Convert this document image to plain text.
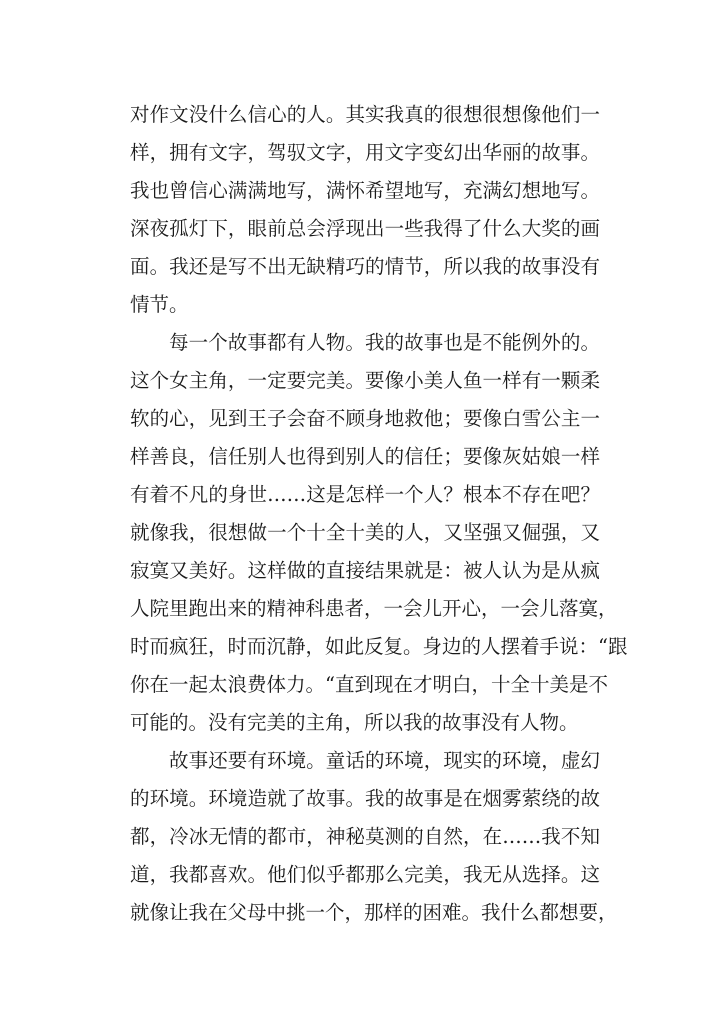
对作文没什么信心的人。其实我真的很想很想像他们一
样，拥有文字，驾驭文字，用文字变幻出华丽的故事。
我也曾信心满满地写，满怀希望地写，充满幻想地写。
深夜孤灯下，眼前总会浮现出一些我得了什么大奖的画
面。我还是写不出无缺精巧的情节，所以我的故事没有
情节。
每一个故事都有人物。我的故事也是不能例外的。
这个女主角，一定要完美。要像小美人鱼一样有一颗柔
软的心，见到王子会奋不顾身地救他；要像白雪公主一
样善良，信任别人也得到别人的信任；要像灰姑娘一样
有着不凡的身世……这是怎样一个人？根本不存在吧？
就像我，很想做一个十全十美的人，又坚强又倔强，又
寂寞又美好。这样做的直接结果就是：被人认为是从疯
人院里跑出来的精神科患者，一会儿开心，一会儿落寞，
时而疯狂，时而沉静，如此反复。身边的人摆着手说：“跟
你在一起太浪费体力。“直到现在才明白，十全十美是不
可能的。没有完美的主角，所以我的故事没有人物。
故事还要有环境。童话的环境，现实的环境，虚幻
的环境。环境造就了故事。我的故事是在烟雾萦绕的故
都，冷冰无情的都市，神秘莫测的自然，在……我不知
道，我都喜欢。他们似乎都那么完美，我无从选择。这
就像让我在父母中挑一个，那样的困难。我什么都想要，
